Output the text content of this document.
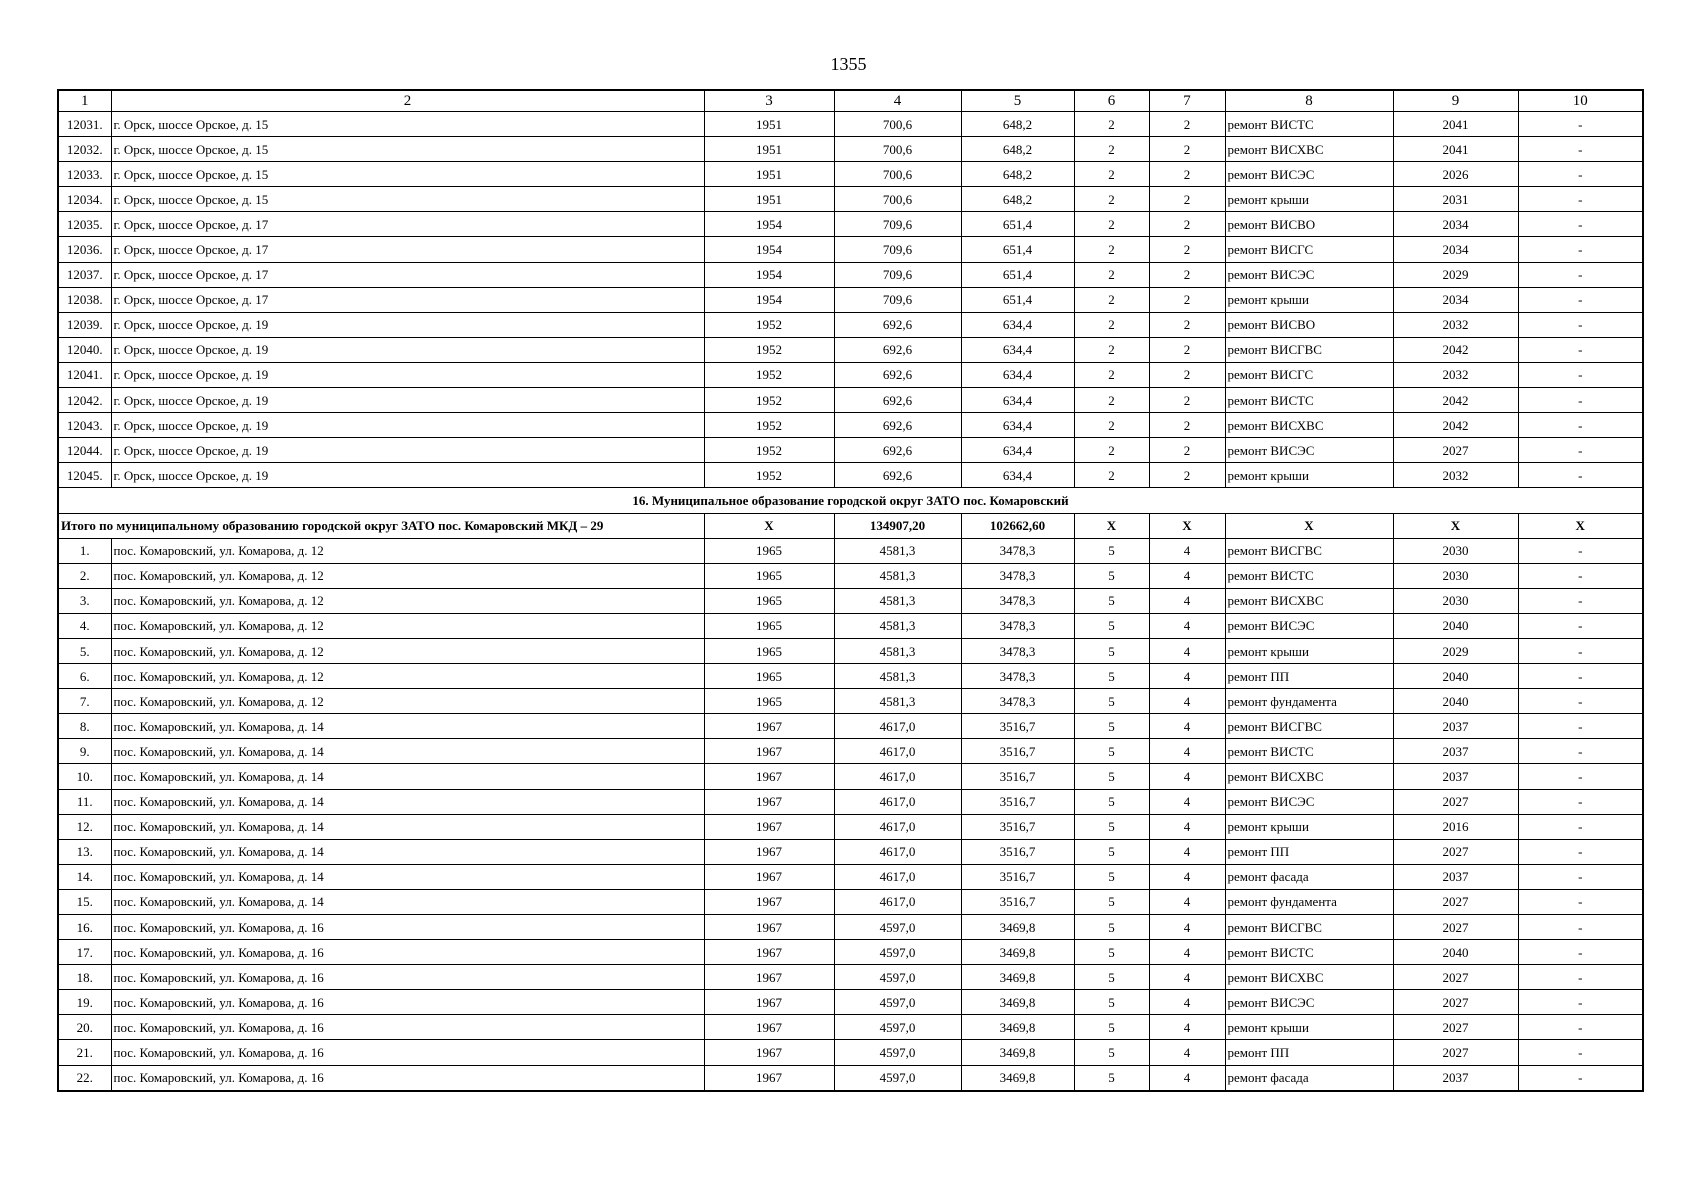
1355
1	2	3	4	5	6	7	8	9	10
12031.	г. Орск, шоссе Орское, д. 15	1951	700,6	648,2	2	2	ремонт ВИСТС	2041	-
12032.	г. Орск, шоссе Орское, д. 15	1951	700,6	648,2	2	2	ремонт ВИСХВС	2041	-
12033.	г. Орск, шоссе Орское, д. 15	1951	700,6	648,2	2	2	ремонт ВИСЭС	2026	-
12034.	г. Орск, шоссе Орское, д. 15	1951	700,6	648,2	2	2	ремонт крыши	2031	-
12035.	г. Орск, шоссе Орское, д. 17	1954	709,6	651,4	2	2	ремонт ВИСВО	2034	-
12036.	г. Орск, шоссе Орское, д. 17	1954	709,6	651,4	2	2	ремонт ВИСГС	2034	-
12037.	г. Орск, шоссе Орское, д. 17	1954	709,6	651,4	2	2	ремонт ВИСЭС	2029	-
12038.	г. Орск, шоссе Орское, д. 17	1954	709,6	651,4	2	2	ремонт крыши	2034	-
12039.	г. Орск, шоссе Орское, д. 19	1952	692,6	634,4	2	2	ремонт ВИСВО	2032	-
12040.	г. Орск, шоссе Орское, д. 19	1952	692,6	634,4	2	2	ремонт ВИСГВС	2042	-
12041.	г. Орск, шоссе Орское, д. 19	1952	692,6	634,4	2	2	ремонт ВИСГС	2032	-
12042.	г. Орск, шоссе Орское, д. 19	1952	692,6	634,4	2	2	ремонт ВИСТС	2042	-
12043.	г. Орск, шоссе Орское, д. 19	1952	692,6	634,4	2	2	ремонт ВИСХВС	2042	-
12044.	г. Орск, шоссе Орское, д. 19	1952	692,6	634,4	2	2	ремонт ВИСЭС	2027	-
12045.	г. Орск, шоссе Орское, д. 19	1952	692,6	634,4	2	2	ремонт крыши	2032	-
16. Муниципальное образование городской округ ЗАТО пос. Комаровский									
Итого по муниципальному образованию городской округ ЗАТО пос. Комаровский МКД – 29		X	134907,20	102662,60	X	X	X	X	X
1.	пос. Комаровский, ул. Комарова, д. 12	1965	4581,3	3478,3	5	4	ремонт ВИСГВС	2030	-
2.	пос. Комаровский, ул. Комарова, д. 12	1965	4581,3	3478,3	5	4	ремонт ВИСТС	2030	-
3.	пос. Комаровский, ул. Комарова, д. 12	1965	4581,3	3478,3	5	4	ремонт ВИСХВС	2030	-
4.	пос. Комаровский, ул. Комарова, д. 12	1965	4581,3	3478,3	5	4	ремонт ВИСЭС	2040	-
5.	пос. Комаровский, ул. Комарова, д. 12	1965	4581,3	3478,3	5	4	ремонт крыши	2029	-
6.	пос. Комаровский, ул. Комарова, д. 12	1965	4581,3	3478,3	5	4	ремонт ПП	2040	-
7.	пос. Комаровский, ул. Комарова, д. 12	1965	4581,3	3478,3	5	4	ремонт фундамента	2040	-
8.	пос. Комаровский, ул. Комарова, д. 14	1967	4617,0	3516,7	5	4	ремонт ВИСГВС	2037	-
9.	пос. Комаровский, ул. Комарова, д. 14	1967	4617,0	3516,7	5	4	ремонт ВИСТС	2037	-
10.	пос. Комаровский, ул. Комарова, д. 14	1967	4617,0	3516,7	5	4	ремонт ВИСХВС	2037	-
11.	пос. Комаровский, ул. Комарова, д. 14	1967	4617,0	3516,7	5	4	ремонт ВИСЭС	2027	-
12.	пос. Комаровский, ул. Комарова, д. 14	1967	4617,0	3516,7	5	4	ремонт крыши	2016	-
13.	пос. Комаровский, ул. Комарова, д. 14	1967	4617,0	3516,7	5	4	ремонт ПП	2027	-
14.	пос. Комаровский, ул. Комарова, д. 14	1967	4617,0	3516,7	5	4	ремонт фасада	2037	-
15.	пос. Комаровский, ул. Комарова, д. 14	1967	4617,0	3516,7	5	4	ремонт фундамента	2027	-
16.	пос. Комаровский, ул. Комарова, д. 16	1967	4597,0	3469,8	5	4	ремонт ВИСГВС	2027	-
17.	пос. Комаровский, ул. Комарова, д. 16	1967	4597,0	3469,8	5	4	ремонт ВИСТС	2040	-
18.	пос. Комаровский, ул. Комарова, д. 16	1967	4597,0	3469,8	5	4	ремонт ВИСХВС	2027	-
19.	пос. Комаровский, ул. Комарова, д. 16	1967	4597,0	3469,8	5	4	ремонт ВИСЭС	2027	-
20.	пос. Комаровский, ул. Комарова, д. 16	1967	4597,0	3469,8	5	4	ремонт крыши	2027	-
21.	пос. Комаровский, ул. Комарова, д. 16	1967	4597,0	3469,8	5	4	ремонт ПП	2027	-
22.	пос. Комаровский, ул. Комарова, д. 16	1967	4597,0	3469,8	5	4	ремонт фасада	2037	-
